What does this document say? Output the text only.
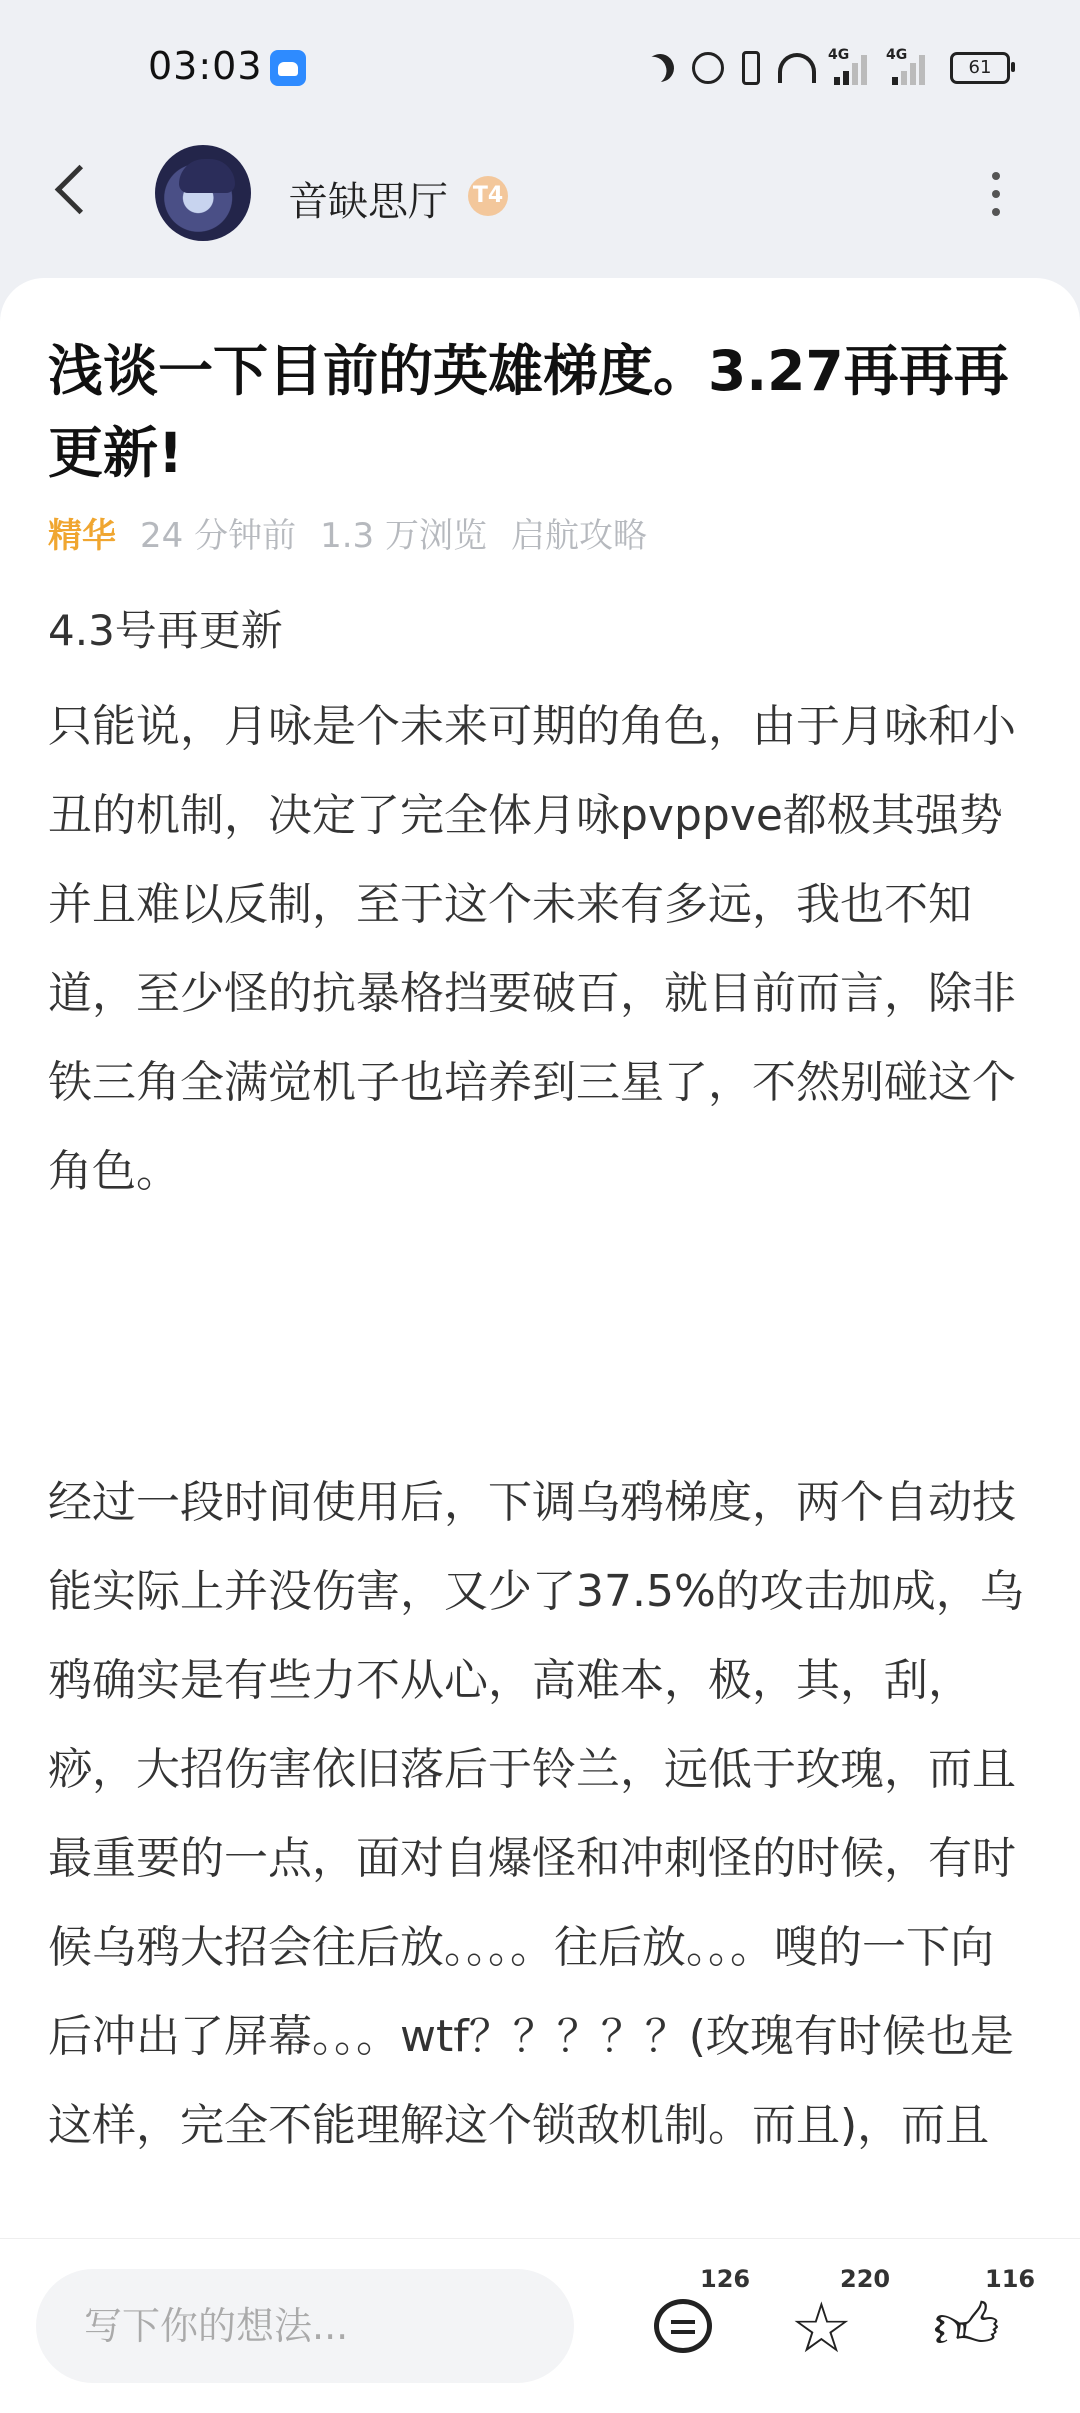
03:03	4G	4G
61
音缺思厅 T4
浅谈一下目前的英雄梯度。3.27再再再更新!
精华 24 分钟前 1.3 万浏览 启航攻略
4.3号再更新

只能说，月咏是个未来可期的角色，由于月咏和小丑的机制，决定了完全体月咏pvppve都极其强势并且难以反制，至于这个未来有多远，我也不知道，至少怪的抗暴格挡要破百，就目前而言，除非铁三角全满觉机子也培养到三星了，不然别碰这个角色。

经过一段时间使用后，下调乌鸦梯度，两个自动技能实际上并没伤害，又少了37.5%的攻击加成，乌鸦确实是有些力不从心，高难本，极，其，刮，痧，大招伤害依旧落后于铃兰，远低于玫瑰，而且最重要的一点，面对自爆怪和冲刺怪的时候，有时候乌鸦大招会往后放。。。。往后放。。。嗖的一下向后冲出了屏幕。。。wtf？？？？？(玫瑰有时候也是这样，完全不能理解这个锁敌机制。而且)，而且

写下你的想法...
126
☆
220
👍︎
116
